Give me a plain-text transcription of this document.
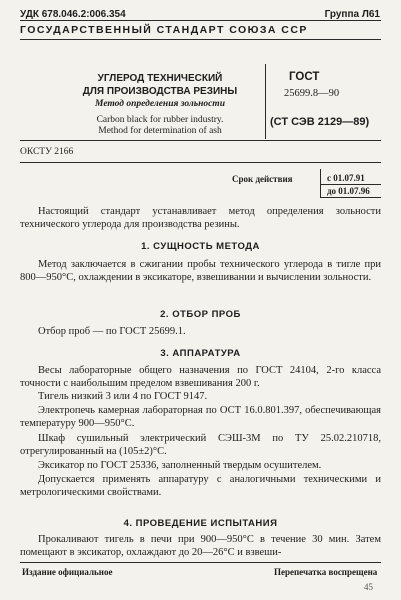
УДК 678.046.2:006.354	Группа Л61
ГОСУДАРСТВЕННЫЙ СТАНДАРТ СОЮЗА ССР
УГЛЕРОД ТЕХНИЧЕСКИЙ
ДЛЯ ПРОИЗВОДСТВА РЕЗИНЫ
Метод определения зольности
Carbon black for rubber industry.
Method for determination of ash
ГОСТ
25699.8—90
(СТ СЭВ 2129—89)
ОКСТУ 2166
Срок действия	с 01.07.91
до 01.07.96

Настоящий стандарт устанавливает метод определения зольности технического углерода для производства резины.

1. СУЩНОСТЬ МЕТОДА

Метод заключается в сжигании пробы технического углерода в тигле при 800—950°С, охлаждении в эксикаторе, взвешивании и вычислении зольности.

2. ОТБОР ПРОБ

Отбор проб — по ГОСТ 25699.1.

3. АППАРАТУРА

Весы лабораторные общего назначения по ГОСТ 24104, 2-го класса точности с наибольшим пределом взвешивания 200 г.

Тигель низкий 3 или 4 по ГОСТ 9147.

Электропечь камерная лабораторная по ОСТ 16.0.801.397, обеспечивающая температуру 900—950°С.

Шкаф сушильный электрический СЭШ-3М по ТУ 25.02.210718, отрегулированный на (105±2)°С.

Эксикатор по ГОСТ 25336, заполненный твердым осушителем.

Допускается применять аппаратуру с аналогичными техническими и метрологическими свойствами.

4. ПРОВЕДЕНИЕ ИСПЫТАНИЯ

Прокаливают тигель в печи при 900—950°С в течение 30 мин. Затем помещают в эксикатор, охлаждают до 20—26°С и взвеши-

Издание официальное	Перепечатка воспрещена
45
